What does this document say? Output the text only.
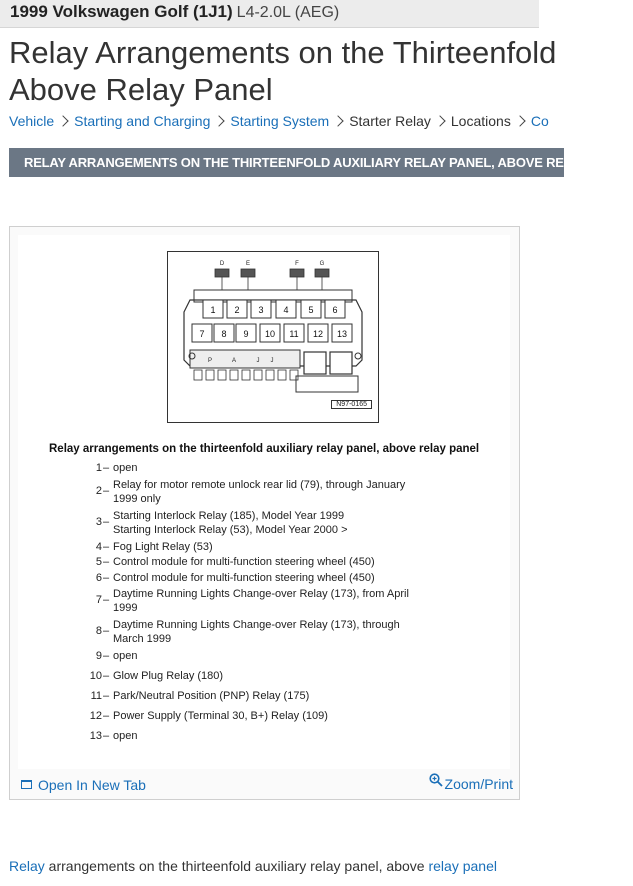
1999 Volkswagen Golf (1J1) L4-2.0L (AEG)
Relay Arrangements on the Thirteenfold
Above Relay Panel
Vehicle Starting and Charging Starting System Starter Relay Locations Co
RELAY ARRANGEMENTS ON THE THIRTEENFOLD AUXILIARY RELAY PANEL, ABOVE RELAY PANEL
D	E	F	G
1 2 3 4 5 6
7 8 9 10 11 12 13
P	A	J J
N97-0165
Relay arrangements on the thirteenfold auxiliary relay panel, above relay panel
1 – open
2 – Relay for motor remote unlock rear lid (79), through January
1999 only
3 – Starting Interlock Relay (185), Model Year 1999
Starting Interlock Relay (53), Model Year 2000 >
4 – Fog Light Relay (53)
5 – Control module for multi-function steering wheel (450)
6 – Control module for multi-function steering wheel (450)
7 – Daytime Running Lights Change-over Relay (173), from April
1999
8 – Daytime Running Lights Change-over Relay (173), through
March 1999
9 – open
10 – Glow Plug Relay (180)
11 – Park/Neutral Position (PNP) Relay (175)
12 – Power Supply (Terminal 30, B+) Relay (109)
13 – open
Open In New Tab	Zoom/Print
Relay arrangements on the thirteenfold auxiliary relay panel, above relay panel
